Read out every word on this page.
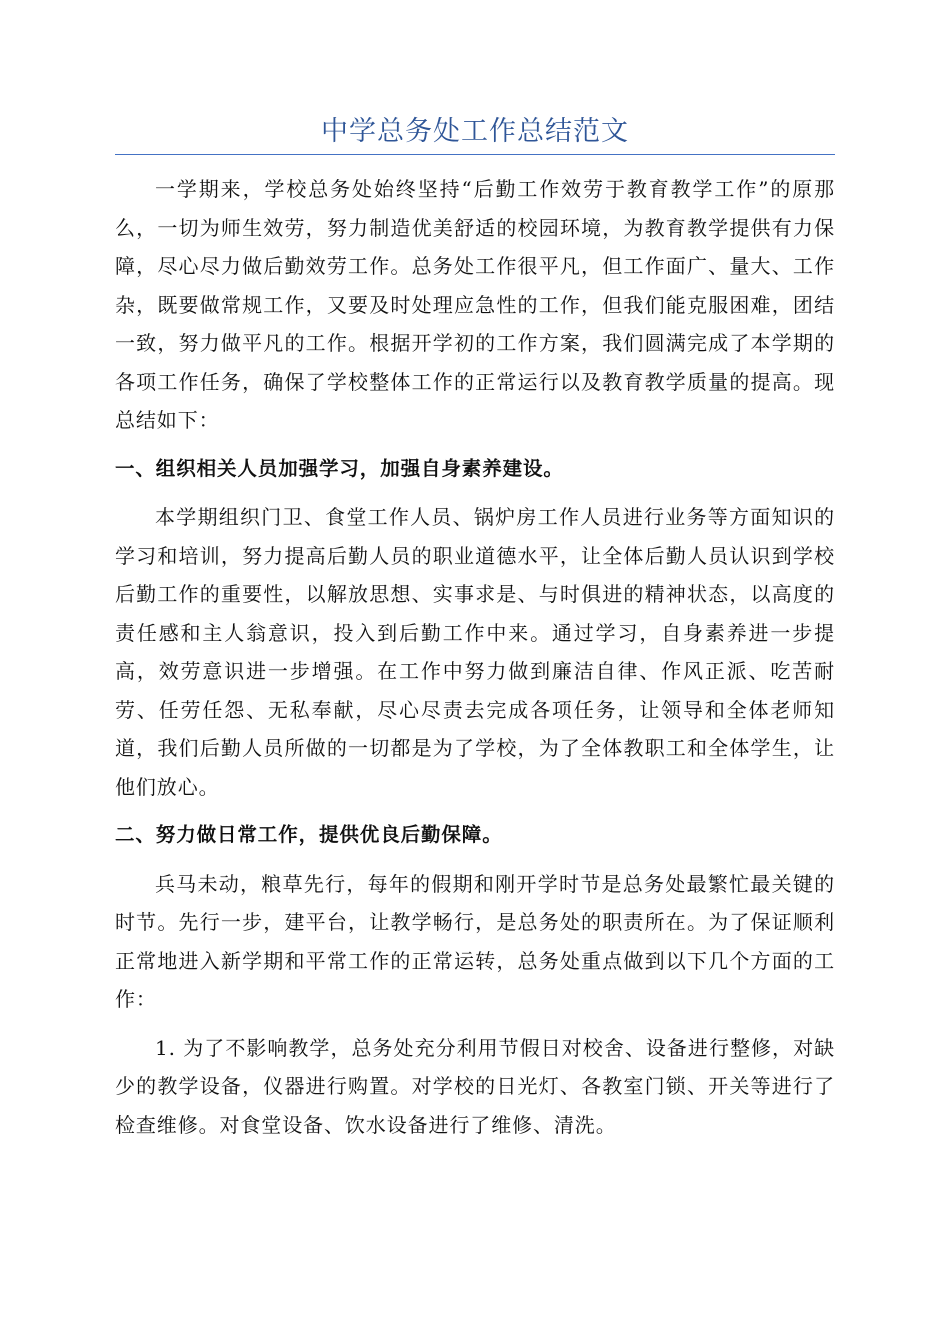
中学总务处工作总结范文

一学期来，学校总务处始终坚持“后勤工作效劳于教育教学工作”的原那么，一切为师生效劳，努力制造优美舒适的校园环境，为教育教学提供有力保障，尽心尽力做后勤效劳工作。总务处工作很平凡，但工作面广、量大、工作杂，既要做常规工作，又要及时处理应急性的工作，但我们能克服困难，团结一致，努力做平凡的工作。根据开学初的工作方案，我们圆满完成了本学期的各项工作任务，确保了学校整体工作的正常运行以及教育教学质量的提高。现总结如下：

一、组织相关人员加强学习，加强自身素养建设。

本学期组织门卫、食堂工作人员、锅炉房工作人员进行业务等方面知识的学习和培训，努力提高后勤人员的职业道德水平，让全体后勤人员认识到学校后勤工作的重要性，以解放思想、实事求是、与时俱进的精神状态，以高度的责任感和主人翁意识，投入到后勤工作中来。通过学习，自身素养进一步提高，效劳意识进一步增强。在工作中努力做到廉洁自律、作风正派、吃苦耐劳、任劳任怨、无私奉献，尽心尽责去完成各项任务，让领导和全体老师知道，我们后勤人员所做的一切都是为了学校，为了全体教职工和全体学生，让他们放心。

二、努力做日常工作，提供优良后勤保障。

兵马未动，粮草先行，每年的假期和刚开学时节是总务处最繁忙最关键的时节。先行一步，建平台，让教学畅行，是总务处的职责所在。为了保证顺利正常地进入新学期和平常工作的正常运转，总务处重点做到以下几个方面的工作：

1. 为了不影响教学，总务处充分利用节假日对校舍、设备进行整修，对缺少的教学设备，仪器进行购置。对学校的日光灯、各教室门锁、开关等进行了检查维修。对食堂设备、饮水设备进行了维修、清洗。
